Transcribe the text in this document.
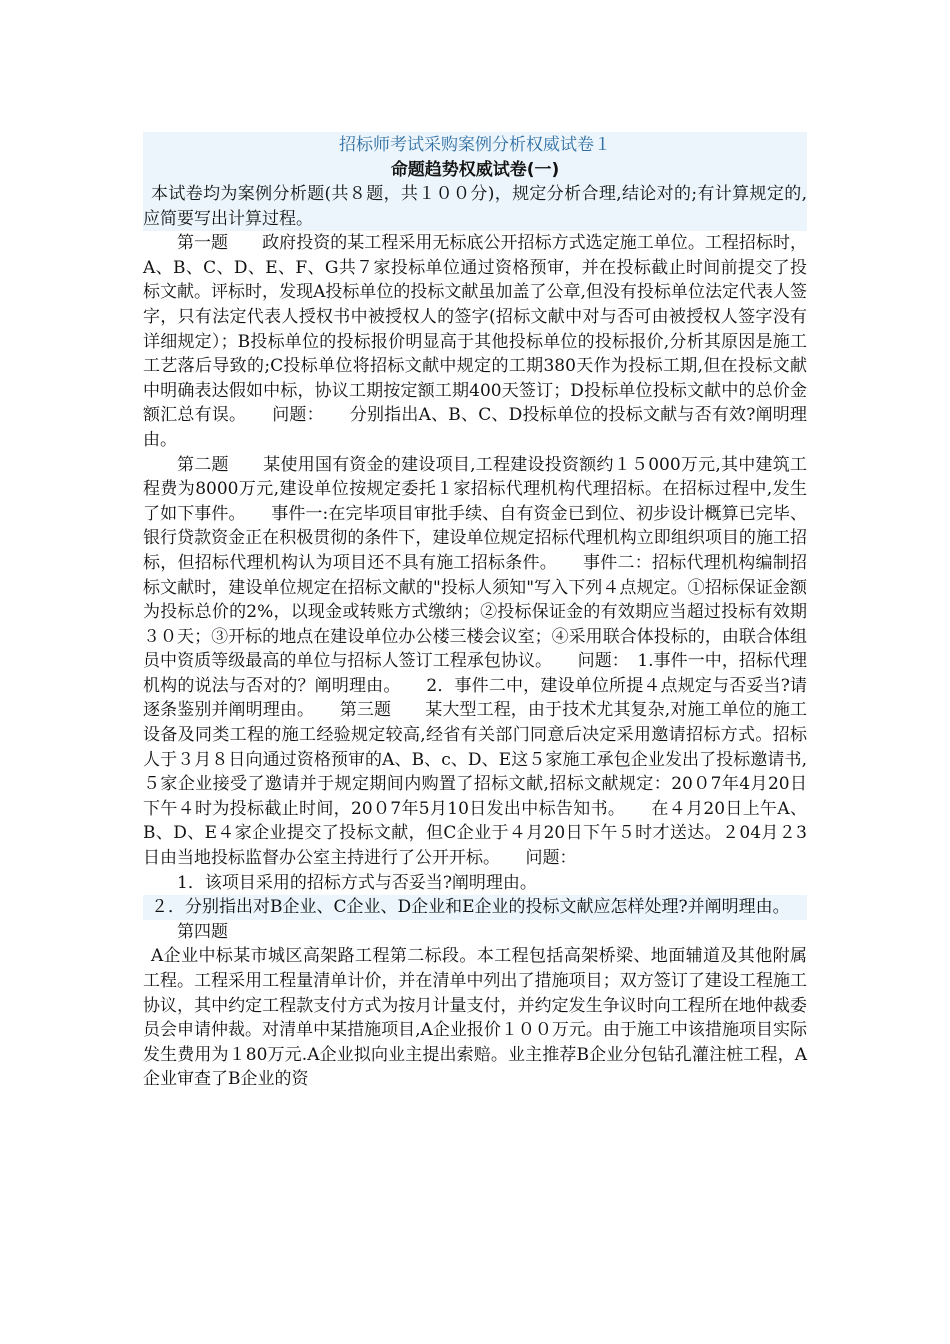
招标师考试采购案例分析权威试卷１
命题趋势权威试卷(一)

本试卷均为案例分析题(共８题，共１００分)，规定分析合理,结论对的;有计算规定的,应简要写出计算过程。

第一题　　政府投资的某工程采用无标底公开招标方式选定施工单位。工程招标时，A、B、C、D、E、F、G共７家投标单位通过资格预审，并在投标截止时间前提交了投标文献。评标时，发现A投标单位的投标文献虽加盖了公章,但没有投标单位法定代表人签字，只有法定代表人授权书中被授权人的签字(招标文献中对与否可由被授权人签字没有详细规定）；B投标单位的投标报价明显高于其他投标单位的投标报价,分析其原因是施工工艺落后导致的;C投标单位将招标文献中规定的工期380天作为投标工期,但在投标文献中明确表达假如中标，协议工期按定额工期400天签订；D投标单位投标文献中的总价金额汇总有误。　　问题：　　分别指出A、B、C、D投标单位的投标文献与否有效?阐明理由。

第二题　　某使用国有资金的建设项目,工程建设投资额约１５000万元,其中建筑工程费为8000万元,建设单位按规定委托１家招标代理机构代理招标。在招标过程中,发生了如下事件。　　事件一:在完毕项目审批手续、自有资金已到位、初步设计概算已完毕、银行贷款资金正在积极贯彻的条件下，建设单位规定招标代理机构立即组织项目的施工招标，但招标代理机构认为项目还不具有施工招标条件。　　事件二：招标代理机构编制招标文献时，建设单位规定在招标文献的"投标人须知"写入下列４点规定。①招标保证金额为投标总价的2%，以现金或转账方式缴纳；②投标保证金的有效期应当超过投标有效期３０天；③开标的地点在建设单位办公楼三楼会议室；④采用联合体投标的，由联合体组员中资质等级最高的单位与招标人签订工程承包协议。　　问题：　1.事件一中，招标代理机构的说法与否对的？阐明理由。　　2．事件二中，建设单位所提４点规定与否妥当?请逐条鉴别并阐明理由。　　第三题　　某大型工程，由于技术尤其复杂,对施工单位的施工设备及同类工程的施工经验规定较高,经省有关部门同意后决定采用邀请招标方式。招标人于３月８日向通过资格预审的A、B、c、D、E这５家施工承包企业发出了投标邀请书,５家企业接受了邀请并于规定期间内购置了招标文献,招标文献规定：20０7年4月20日下午４时为投标截止时间，20０7年5月10日发出中标告知书。　　在４月20日上午A、B、D、E４家企业提交了投标文献，但C企业于４月20日下午５时才送达。２04月２3日由当地投标监督办公室主持进行了公开开标。　　问题：

1．该项目采用的招标方式与否妥当?阐明理由。

２．分别指出对B企业、C企业、D企业和E企业的投标文献应怎样处理?并阐明理由。

第四题

A企业中标某市城区高架路工程第二标段。本工程包括高架桥梁、地面辅道及其他附属工程。工程采用工程量清单计价，并在清单中列出了措施项目；双方签订了建设工程施工协议，其中约定工程款支付方式为按月计量支付，并约定发生争议时向工程所在地仲裁委员会申请仲裁。对清单中某措施项目,A企业报价１００万元。由于施工中该措施项目实际发生费用为１80万元.A企业拟向业主提出索赔。业主推荐B企业分包钻孔灌注桩工程，A企业审查了B企业的资
